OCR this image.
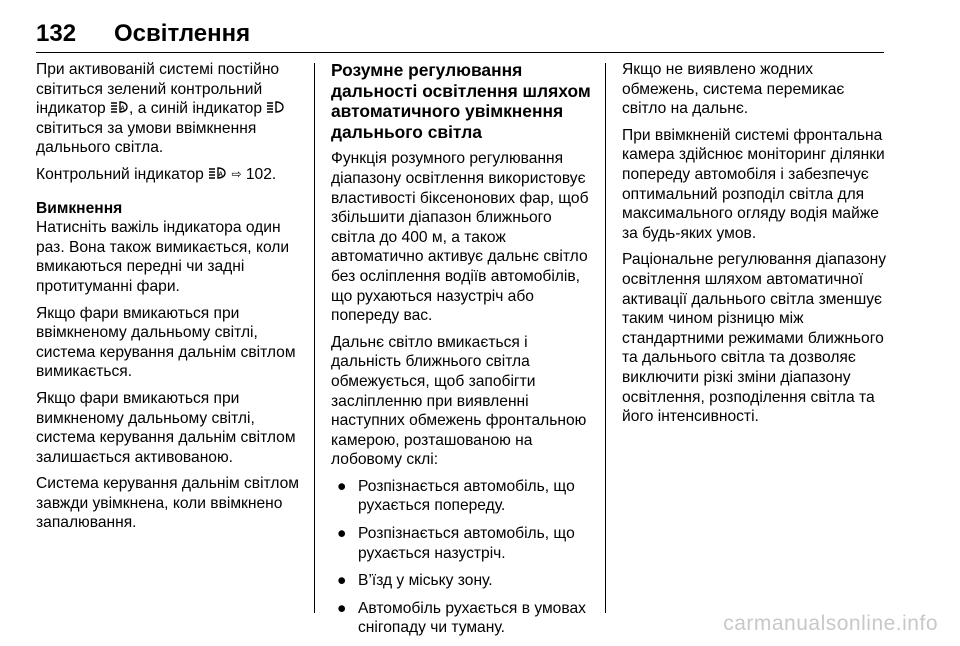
132	Освітлення

При активованій системі постійно світиться зелений контрольний індикатор A , а синій індикатор  світиться за умови ввімкнення дальнього світла.

Контрольний індикатор A ⇨ 102.

Вимкнення

Натисніть важіль індикатора один раз. Вона також вимикається, коли вмикаються передні чи задні протитуманні фари.

Якщо фари вмикаються при ввімкненому дальньому світлі, система керування дальнім світлом вимикається.

Якщо фари вмикаються при вимкненому дальньому світлі, система керування дальнім світлом залишається активованою.

Система керування дальнім світлом завжди увімкнена, коли ввімкнено запалювання.

Розумне регулювання дальності освітлення шляхом автоматичного увімкнення дальнього світла

Функція розумного регулювання діапазону освітлення використовує властивості біксенонових фар, щоб збільшити діапазон ближнього світла до 400 м, а також автоматично активує дальнє світло без осліплення водіїв автомобілів, що рухаються назустріч або попереду вас.

Дальнє світло вмикається і дальність ближнього світла обмежується, щоб запобігти засліпленню при виявленні наступних обмежень фронтальною камерою, розташованою на лобовому склі:

● Розпізнається автомобіль, що рухається попереду.
● Розпізнається автомобіль, що рухається назустріч.
● В’їзд у міську зону.
● Автомобіль рухається в умовах снігопаду чи туману.

Якщо не виявлено жодних обмежень, система перемикає світло на дальнє.

При ввімкненій системі фронтальна камера здійснює моніторинг ділянки попереду автомобіля і забезпечує оптимальний розподіл світла для максимального огляду водія майже за будь-яких умов.

Раціональне регулювання діапазону освітлення шляхом автоматичної активації дальнього світла зменшує таким чином різницю між стандартними режимами ближнього та дальнього світла та дозволяє виключити різкі зміни діапазону освітлення, розподілення світла та його інтенсивності.

carmanualsonline.info
